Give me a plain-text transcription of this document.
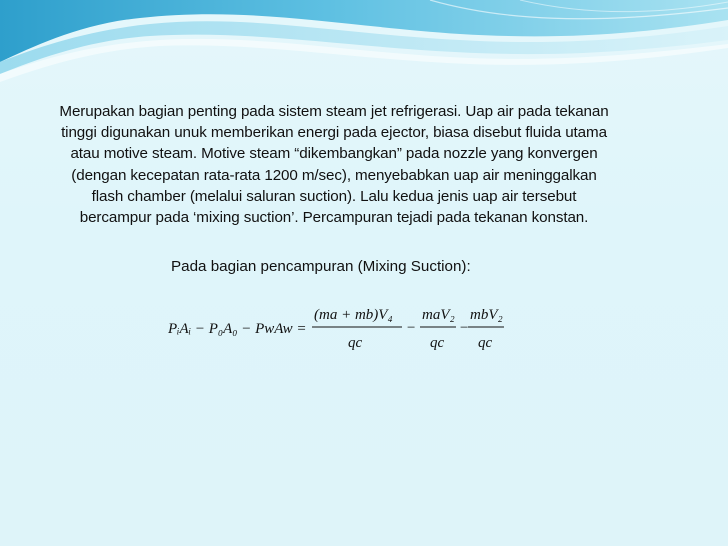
Merupakan bagian penting pada sistem steam jet refrigerasi. Uap air pada tekanan
tinggi digunakan unuk memberikan energi pada ejector, biasa disebut fluida utama
atau motive steam. Motive steam “dikembangkan” pada nozzle yang konvergen
(dengan kecepatan rata-rata 1200 m/sec), menyebabkan uap air meninggalkan
flash chamber (melalui saluran suction). Lalu kedua jenis uap air tersebut
bercampur pada ‘mixing suction’. Percampuran tejadi pada tekanan konstan.
Pada bagian pencampuran (Mixing Suction):
PᵢAᵢ − P₀A₀ − PwAw =
(ma + mb)V₄
qc
−
maV₂
qc
−
mbV₂
qc
